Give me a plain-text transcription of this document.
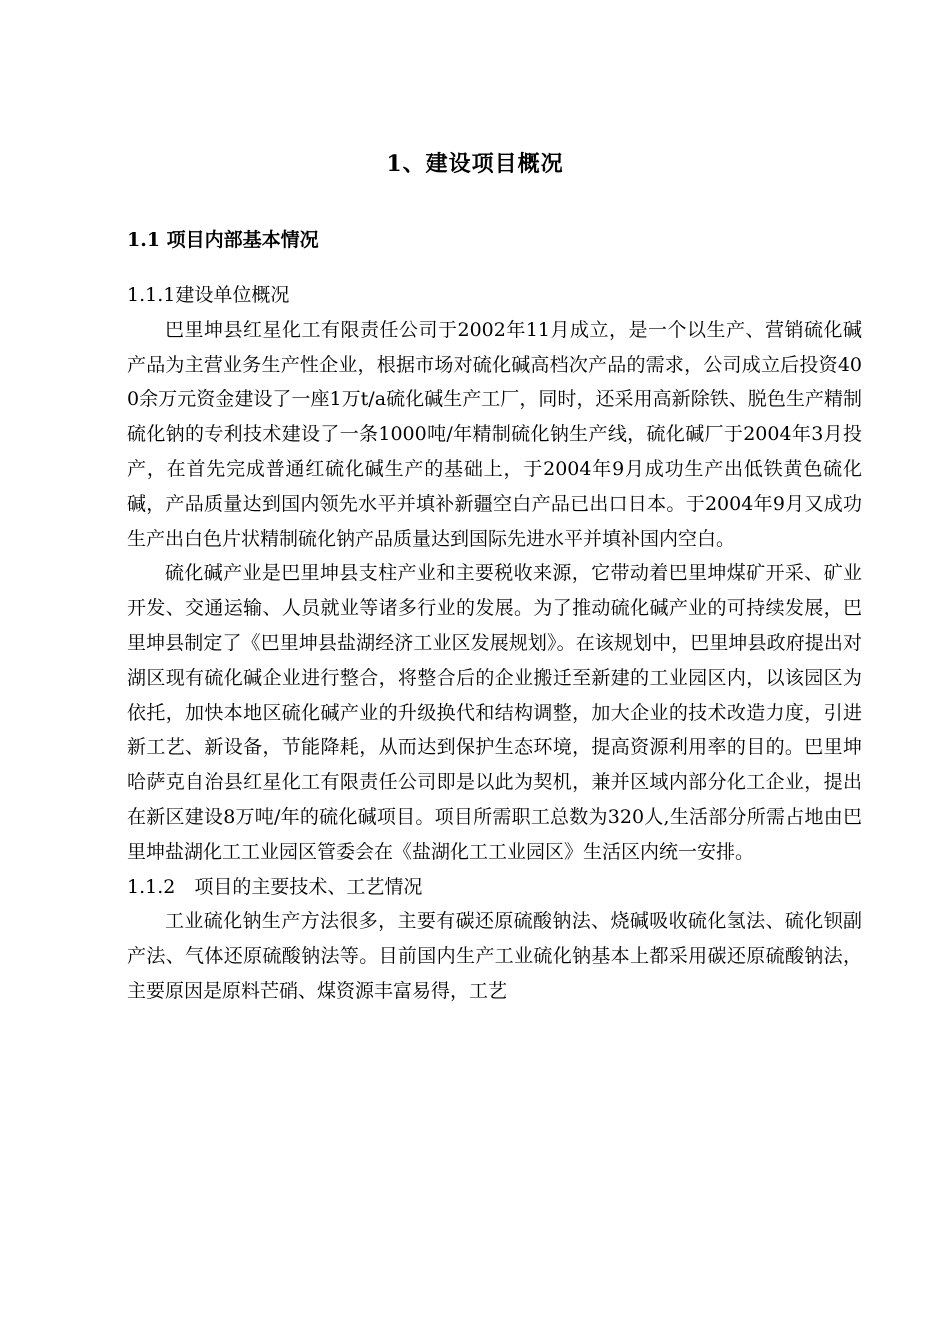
1、建设项目概况
1.1 项目内部基本情况

1.1.1建设单位概况

巴里坤县红星化工有限责任公司于2002年11月成立，是一个以生产、营销硫化碱产品为主营业务生产性企业，根据市场对硫化碱高档次产品的需求，公司成立后投资400余万元资金建设了一座1万t/a硫化碱生产工厂，同时，还采用高新除铁、脱色生产精制硫化钠的专利技术建设了一条1000吨/年精制硫化钠生产线，硫化碱厂于2004年3月投产，在首先完成普通红硫化碱生产的基础上，于2004年9月成功生产出低铁黄色硫化碱，产品质量达到国内领先水平并填补新疆空白产品已出口日本。于2004年9月又成功生产出白色片状精制硫化钠产品质量达到国际先进水平并填补国内空白。

硫化碱产业是巴里坤县支柱产业和主要税收来源，它带动着巴里坤煤矿开采、矿业开发、交通运输、人员就业等诸多行业的发展。为了推动硫化碱产业的可持续发展，巴里坤县制定了《巴里坤县盐湖经济工业区发展规划》。在该规划中，巴里坤县政府提出对湖区现有硫化碱企业进行整合，将整合后的企业搬迁至新建的工业园区内，以该园区为依托，加快本地区硫化碱产业的升级换代和结构调整，加大企业的技术改造力度，引进新工艺、新设备，节能降耗，从而达到保护生态环境，提高资源利用率的目的。巴里坤哈萨克自治县红星化工有限责任公司即是以此为契机，兼并区域内部分化工企业，提出在新区建设8万吨/年的硫化碱项目。项目所需职工总数为320人,生活部分所需占地由巴里坤盐湖化工工业园区管委会在《盐湖化工工业园区》生活区内统一安排。

1.1.2　项目的主要技术、工艺情况

工业硫化钠生产方法很多，主要有碳还原硫酸钠法、烧碱吸收硫化氢法、硫化钡副产法、气体还原硫酸钠法等。目前国内生产工业硫化钠基本上都采用碳还原硫酸钠法，主要原因是原料芒硝、煤资源丰富易得，工艺
